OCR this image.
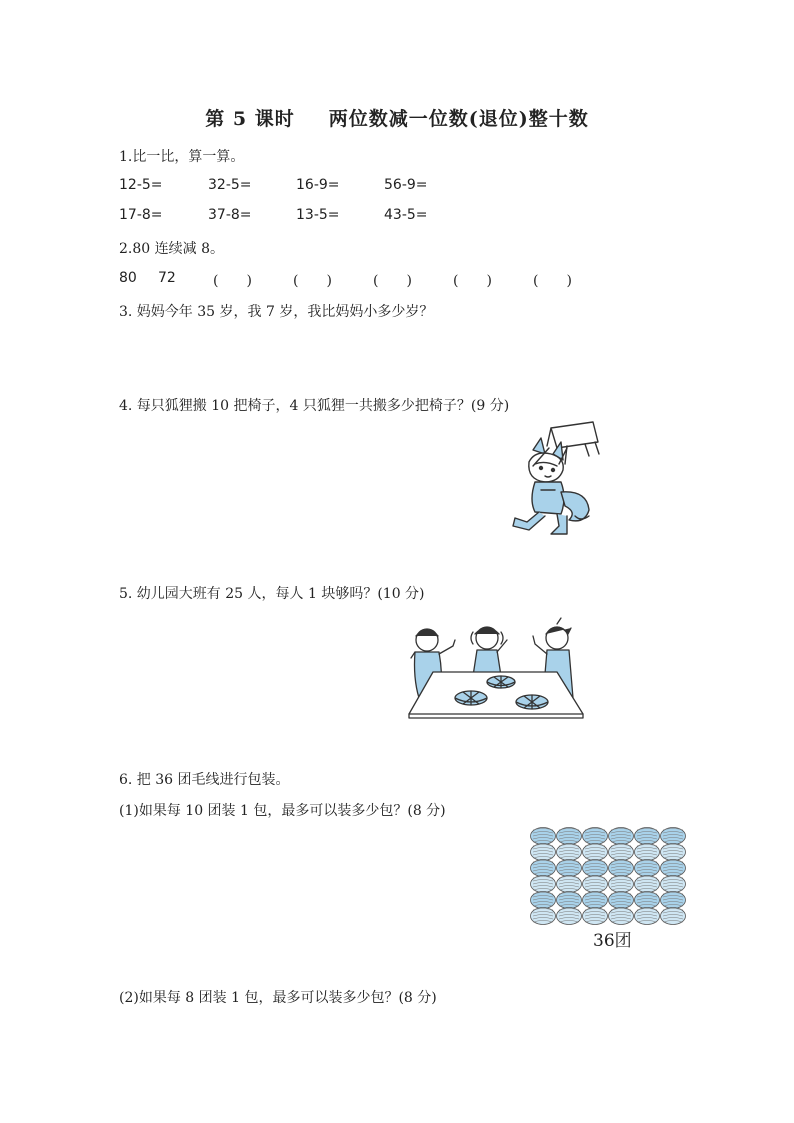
第 5 课时 两位数减一位数(退位)整十数
1.比一比，算一算。
12-5=	32-5=	16-9=	56-9=
17-8=	37-8=	13-5=	43-5=
2.80 连续减 8。
80 72	(　　)	(　　)	(　　)	(　　)	(　　)
3. 妈妈今年 35 岁，我 7 岁，我比妈妈小多少岁？
4. 每只狐狸搬 10 把椅子，4 只狐狸一共搬多少把椅子？(9 分)
5. 幼儿园大班有 25 人，每人 1 块够吗？(10 分)
6. 把 36 团毛线进行包装。
(1)如果每 10 团装 1 包，最多可以装多少包？(8 分)
36团
(2)如果每 8 团装 1 包，最多可以装多少包？(8 分)
